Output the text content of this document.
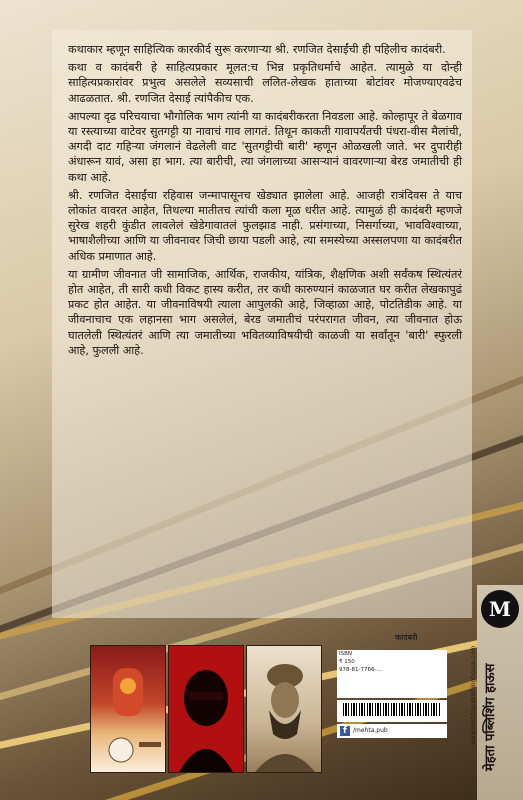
कथाकार म्हणून साहित्यिक कारकीर्द सुरू करणाऱ्या श्री. रणजित देसाईंची ही पहिलीच कादंबरी.

कथा व कादंबरी हे साहित्यप्रकार मूलत:च भिन्न प्रकृतिधर्माचे आहेत. त्यामुळे या दोन्ही साहित्यप्रकारांवर प्रभुत्व असलेले सव्यसाची ललित-लेखक हाताच्या बोटांवर मोजण्याएवढेच आढळतात. श्री. रणजित देसाई त्यांपैकीच एक.

आपल्या दृढ परिचयाचा भौगोलिक भाग त्यांनी या कादंबरीकरता निवडला आहे. कोल्हापूर ते बेळगाव या रस्त्याच्या वाटेवर सुतगट्टी या नावाचं गाव लागतं. तिथून काकती गावापर्यंतची पंधरा-वीस मैलांची, अगदी दाट गहिऱ्या जंगलानं वेढलेली वाट 'सुतगट्टीची बारी' म्हणून ओळखली जाते. भर दुपारीही अंधारून यावं, असा हा भाग. त्या बारीची, त्या जंगलाच्या आसऱ्यानं वावरणाऱ्या बेरड जमातीची ही कथा आहे.

श्री. रणजित देसाईंचा रहिवास जन्मापासूनच खेड्यात झालेला आहे. आजही रात्रंदिवस ते याच लोकांत वावरत आहेत, तिथल्या मातीतच त्यांची कला मूळ धरीत आहे. त्यामुळं ही कादंबरी म्हणजे सुरेख शहरी कुंडीत लावलेलं खेडेगावातलं फुलझाड नाही. प्रसंगाच्या, निसर्गाच्या, भावविश्वाच्या, भाषाशैलीच्या आणि या जीवनावर जिची छाया पडली आहे, त्या समस्येच्या अस्सलपणा या कादंबरीत अधिक प्रमाणात आहे.

या ग्रामीण जीवनात जी सामाजिक, आर्थिक, राजकीय, यांत्रिक, शैक्षणिक अशी सर्वंकष स्थित्यंतरं होत आहेत, ती सारी कधी विकट हास्य करीत, तर कधी कारुण्यानं काळजात घर करीत लेखकापुढं प्रकट होत आहेत. या जीवनाविषयी त्याला आपुलकी आहे, जिव्हाळा आहे, पोटतिडीक आहे. या जीवनाचाच एक लहानसा भाग असलेलं, बेरड जमातीचं परंपरागत जीवन, त्या जीवनात होऊ घातलेली स्थित्यंतरं आणि त्या जमातीच्या भवितव्याविषयीची काळजी या सर्वांतून 'बारी' स्फुरली आहे, फुलली आहे.

M
मेहता पब्लिशिंग हाऊस
www.mehtapublishinghouse.com
कादंबरी
ISBN
₹ 150
978-81-7766-...
f	/mehta.pub
